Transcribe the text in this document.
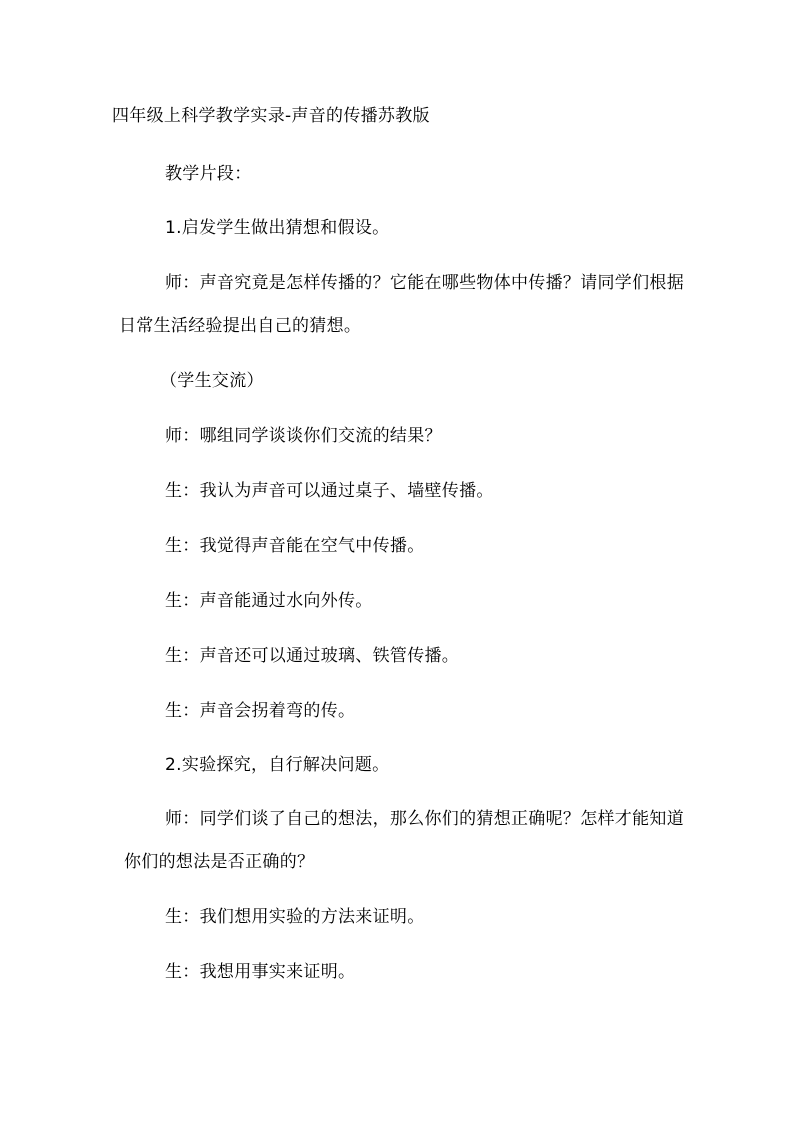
四年级上科学教学实录-声音的传播苏教版
教学片段：
1.启发学生做出猜想和假设。
师：声音究竟是怎样传播的？它能在哪些物体中传播？请同学们根据
日常生活经验提出自己的猜想。
（学生交流）
师：哪组同学谈谈你们交流的结果？
生：我认为声音可以通过桌子、墙壁传播。
生：我觉得声音能在空气中传播。
生：声音能通过水向外传。
生：声音还可以通过玻璃、铁管传播。
生：声音会拐着弯的传。
2.实验探究，自行解决问题。
师：同学们谈了自己的想法，那么你们的猜想正确呢？怎样才能知道
你们的想法是否正确的？
生：我们想用实验的方法来证明。
生：我想用事实来证明。
